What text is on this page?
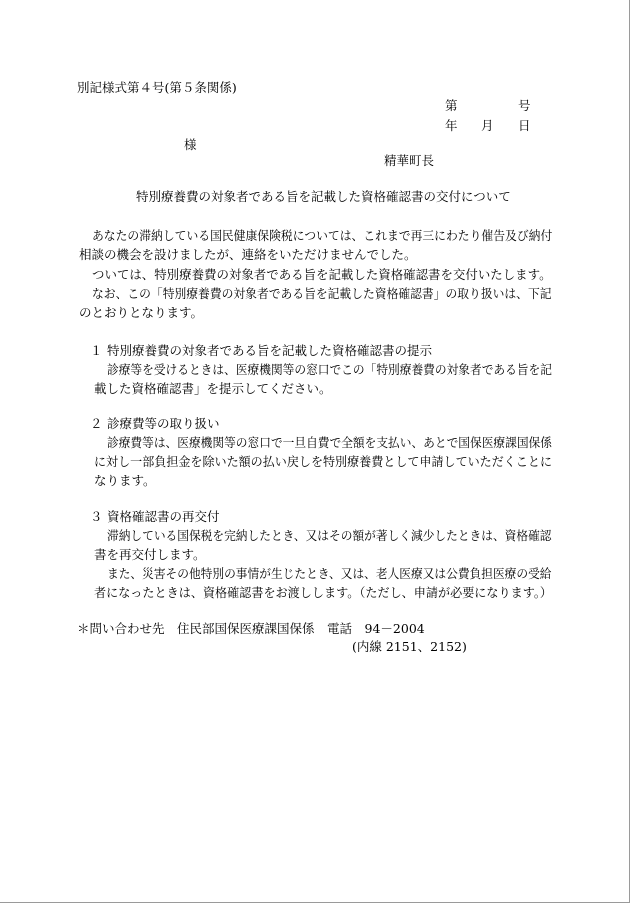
別記様式第４号(第５条関係)
第	号
年 月 日
様
精華町長
特別療養費の対象者である旨を記載した資格確認書の交付について
あなたの滞納している国民健康保険税については、これまで再三にわたり催告及び納付
相談の機会を設けましたが、連絡をいただけませんでした。
ついては、特別療養費の対象者である旨を記載した資格確認書を交付いたします。
なお、この「特別療養費の対象者である旨を記載した資格確認書」の取り扱いは、下記
のとおりとなります。
１ 特別療養費の対象者である旨を記載した資格確認書の提示
診療等を受けるときは、医療機関等の窓口でこの「特別療養費の対象者である旨を記
載した資格確認書」を提示してください。
２ 診療費等の取り扱い
診療費等は、医療機関等の窓口で一旦自費で全額を支払い、あとで国保医療課国保係
に対し一部負担金を除いた額の払い戻しを特別療養費として申請していただくことに
なります。
３ 資格確認書の再交付
滞納している国保税を完納したとき、又はその額が著しく減少したときは、資格確認
書を再交付します。
また、災害その他特別の事情が生じたとき、又は、老人医療又は公費負担医療の受給
者になったときは、資格確認書をお渡しします。（ただし、申請が必要になります。）
＊問い合わせ先　住民部国保医療課国保係　電話　94－2004
(内線 2151、2152)
